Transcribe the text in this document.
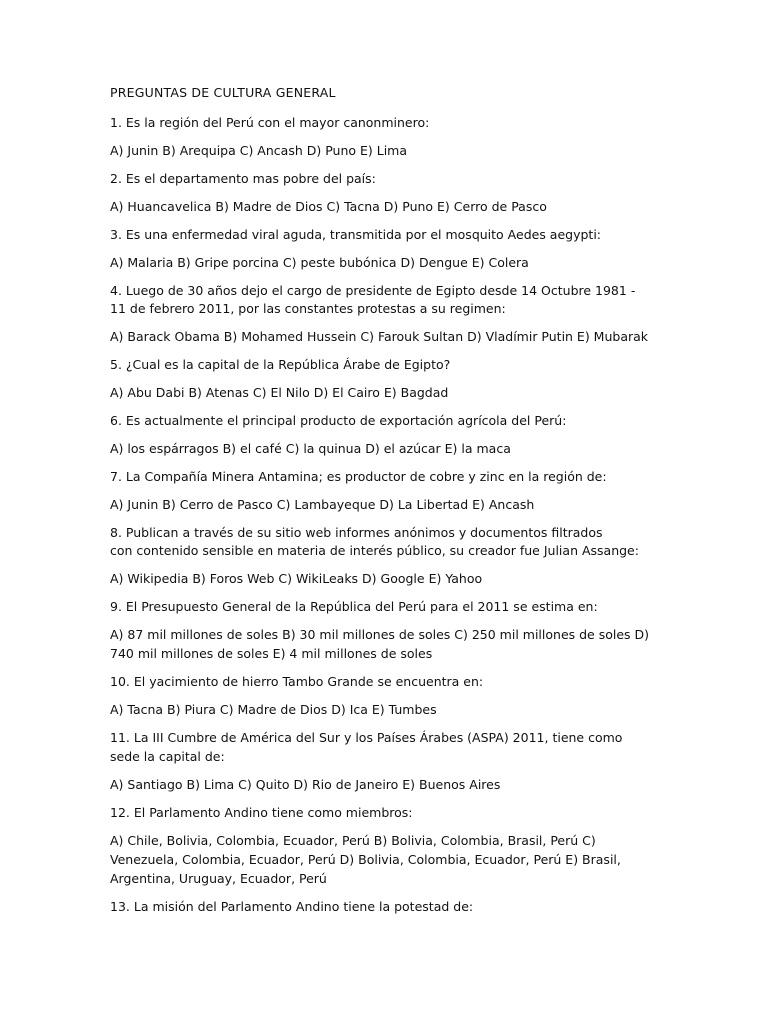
PREGUNTAS DE CULTURA GENERAL
1. Es la región del Perú con el mayor canonminero:
A) Junin B) Arequipa C) Ancash D) Puno E) Lima
2. Es el departamento mas pobre del país:
A) Huancavelica B) Madre de Dios C) Tacna D) Puno E) Cerro de Pasco
3. Es una enfermedad viral aguda, transmitida por el mosquito Aedes aegypti:
A) Malaria B) Gripe porcina C) peste bubónica D) Dengue E) Colera
4. Luego de 30 años dejo el cargo de presidente de Egipto desde 14 Octubre 1981 -
11 de febrero 2011, por las constantes protestas a su regimen:
A) Barack Obama B) Mohamed Hussein C) Farouk Sultan D) Vladímir Putin E) Mubarak
5. ¿Cual es la capital de la República Árabe de Egipto?
A) Abu Dabi B) Atenas C) El Nilo D) El Cairo E) Bagdad
6. Es actualmente el principal producto de exportación agrícola del Perú:
A) los espárragos B) el café C) la quinua D) el azúcar E) la maca
7. La Compañía Minera Antamina; es productor de cobre y zinc en la región de:
A) Junin B) Cerro de Pasco C) Lambayeque D) La Libertad E) Ancash
8. Publican a través de su sitio web informes anónimos y documentos filtrados
con contenido sensible en materia de interés público, su creador fue Julian Assange:
A) Wikipedia B) Foros Web C) WikiLeaks D) Google E) Yahoo
9. El Presupuesto General de la República del Perú para el 2011 se estima en:
A) 87 mil millones de soles B) 30 mil millones de soles C) 250 mil millones de soles D)
740 mil millones de soles E) 4 mil millones de soles
10. El yacimiento de hierro Tambo Grande se encuentra en:
A) Tacna B) Piura C) Madre de Dios D) Ica E) Tumbes
11. La III Cumbre de América del Sur y los Países Árabes (ASPA) 2011, tiene como
sede la capital de:
A) Santiago B) Lima C) Quito D) Rio de Janeiro E) Buenos Aires
12. El Parlamento Andino tiene como miembros:
A) Chile, Bolivia, Colombia, Ecuador, Perú B) Bolivia, Colombia, Brasil, Perú C)
Venezuela, Colombia, Ecuador, Perú D) Bolivia, Colombia, Ecuador, Perú E) Brasil,
Argentina, Uruguay, Ecuador, Perú
13. La misión del Parlamento Andino tiene la potestad de:
